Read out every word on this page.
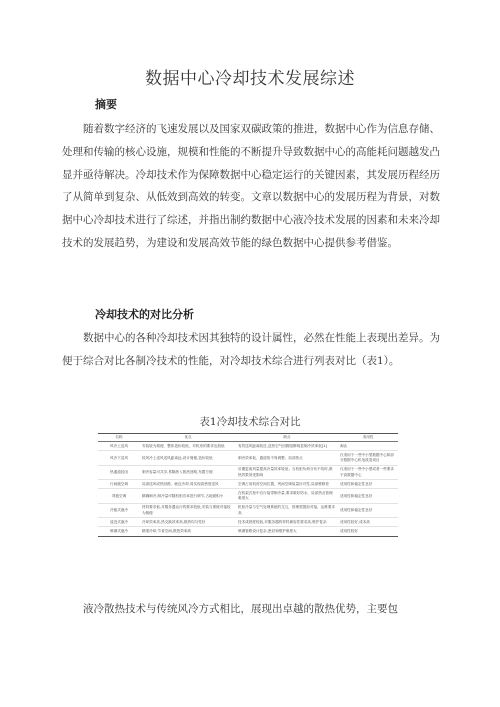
数据中心冷却技术发展综述
摘要

随着数字经济的飞速发展以及国家双碳政策的推进，数据中心作为信息存储、处理和传输的核心设施，规模和性能的不断提升导致数据中心的高能耗问题越发凸显并亟待解决。冷却技术作为保障数据中心稳定运行的关键因素，其发展历程经历了从简单到复杂、从低效到高效的转变。文章以数据中心的发展历程为背景，对数据中心冷却技术进行了综述，并指出制约数据中心液冷技术发展的因素和未来冷却技术的发展趋势，为建设和发展高效节能的绿色数据中心提供参考借鉴。

冷却技术的对比分析

数据中心的各种冷却技术因其独特的设计属性，必然在性能上表现出差异。为便于综合对比各制冷技术的性能，对冷却技术综合进行列表对比（表1）。

表1冷却技术综合对比
名称	优点	缺点	适用性
风冷上送风	安装较为简便，整体造价较低，对机房的要求也较低	有效送风距离较近,送热空气回路阻断明显制冷效率低[1]	淘汰
风冷下送风	较风冷上送风送风距离远,设计简便,造价较低	制冷效率低，通道故不易调整，局部热点	仅适用于一些中小型数据中心和部分数据中心机电改造项目
热通道封闭	制冷容量可共享,易隔热入散热回路,布置方便	后期更改风量提高冷量效率较低；当机柜负荷分布不均时,散热效果易受影响	仅适用于一些中小型或者一些要求不高数据中心
行间级空调	局部送风或热回路、就近冷却,易实现高密度送风	空调占用机房空间位置，列间空调装量针对性,局部维修差	适用性和稳定性良好
背板空调	精确制冷,制冷量可随机柜功率进行调节,占地面积小	在机架式柜中自行接带制冷量,要求做好防水，局部热点管理难度大	适用性和稳定性良好
冷板式液冷	材料要求低,对服务器运行的要求较低,安装与系统对接较为简便	机柜冷量与空气处理系统的交互，管理需提前对接，运维要求高	适用性和稳定性良好
浸没式液冷	冷却效率高,热交换效率高,散热均匀性好	技术成熟度较低,对服务器的材料兼容性要求高,维护复杂	适用性较好,成本高
喷淋式液冷	精准冷却,节省空间,散热效率高	喷淋管路设计复杂,密封和维护难度大	适用性较好

液冷散热技术与传统风冷方式相比，展现出卓越的散热优势，主要包
